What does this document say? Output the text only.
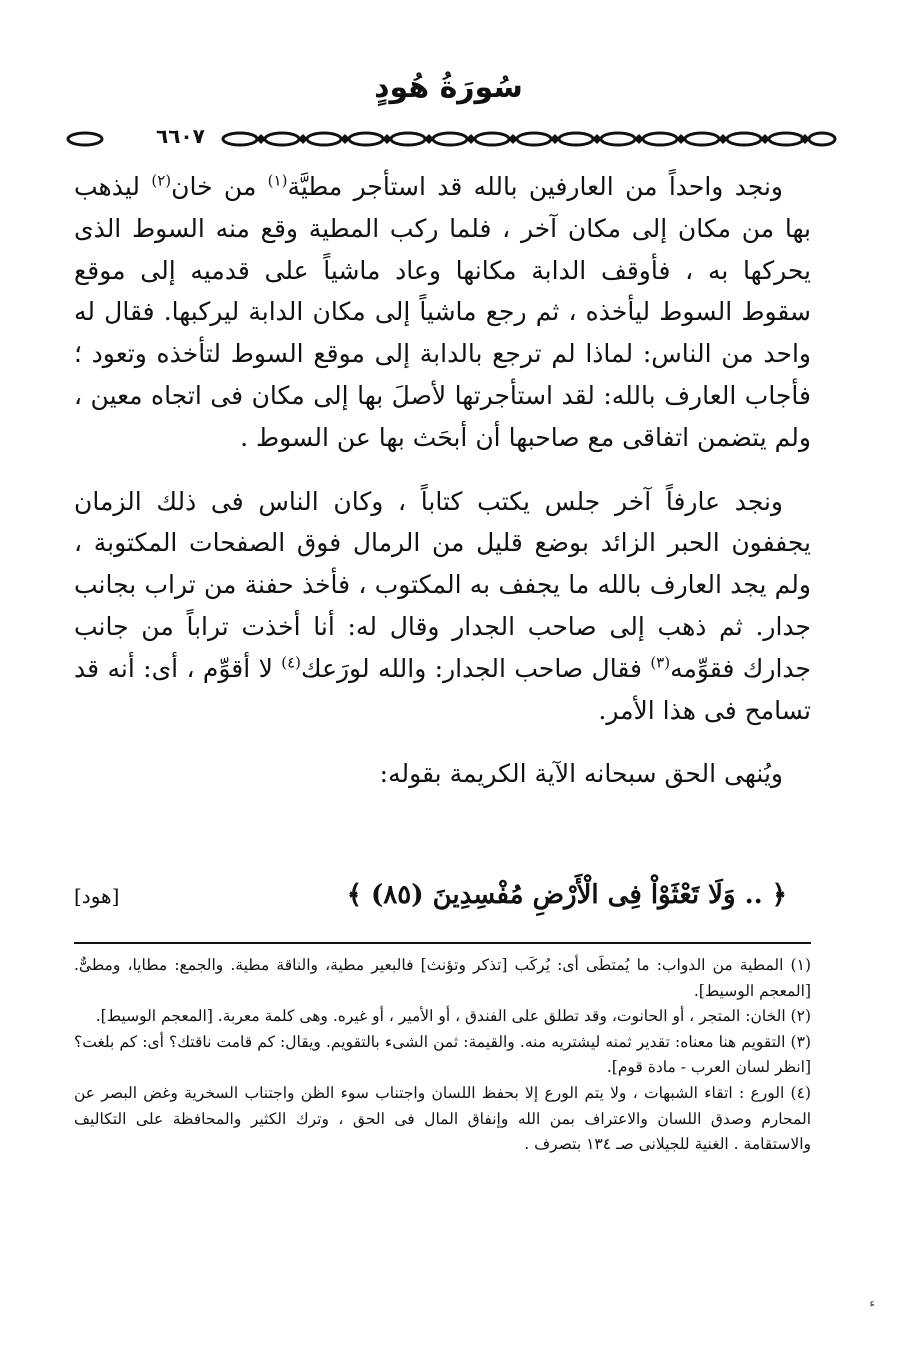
سُورَةُ هُودٍ
٦٦٠٧

ونجد واحداً من العارفين بالله قد استأجر مطيَّة$^{(١)}$ من خان$^{(٢)}$ ليذهب بها من مكان إلى مكان آخر ، فلما ركب المطية وقع منه السوط الذى يحركها به ، فأوقف الدابة مكانها وعاد ماشياً على قدميه إلى موقع سقوط السوط ليأخذه ، ثم رجع ماشياً إلى مكان الدابة ليركبها. فقال له واحد من الناس: لماذا لم ترجع بالدابة إلى موقع السوط لتأخذه وتعود ؛ فأجاب العارف بالله: لقد استأجرتها لأصلَ بها إلى مكان فى اتجاه معين ، ولم يتضمن اتفاقى مع صاحبها أن أبحَث بها عن السوط .

ونجد عارفاً آخر جلس يكتب كتاباً ، وكان الناس فى ذلك الزمان يجففون الحبر الزائد بوضع قليل من الرمال فوق الصفحات المكتوبة ، ولم يجد العارف بالله ما يجفف به المكتوب ، فأخذ حفنة من تراب بجانب جدار. ثم ذهب إلى صاحب الجدار وقال له: أنا أخذت تراباً من جانب جدارك فقوِّمه$^{(٣)}$ فقال صاحب الجدار: والله لورَعك$^{(٤)}$ لا أقوِّم ، أى: أنه قد تسامح فى هذا الأمر.

ويُنهى الحق سبحانه الآية الكريمة بقوله:

﴿ .. وَلَا تَعْثَوْاْ فِى الْأَرْضِ مُفْسِدِينَ (٨٥) ﴾
[هود]

(١) المطية من الدواب: ما يُمتطَى أى: يُركَب [تذكر وتؤنث] فالبعير مطية، والناقة مطية. والجمع: مطايا، ومطىٌّ. [المعجم الوسيط].

(٢) الخان: المتجر ، أو الحانوت، وقد تطلق على الفندق ، أو الأمير ، أو غيره. وهى كلمة معربة. [المعجم الوسيط].

(٣) التقويم هنا معناه: تقدير ثمنه ليشتريه منه. والقيمة: ثمن الشىء بالتقويم. ويقال: كم قامت ناقتك؟ أى: كم بلغت؟ [انظر لسان العرب - مادة قوم].

(٤) الورع : اتقاء الشبهات ، ولا يتم الورع إلا بحفظ اللسان واجتناب سوء الظن واجتناب السخرية وغض البصر عن المحارم وصدق اللسان والاعتراف بمن الله وإنفاق المال فى الحق ، وترك الكثير والمحافظة على التكاليف والاستقامة . الغنية للجيلانى صـ ١٣٤ بتصرف .

ء
